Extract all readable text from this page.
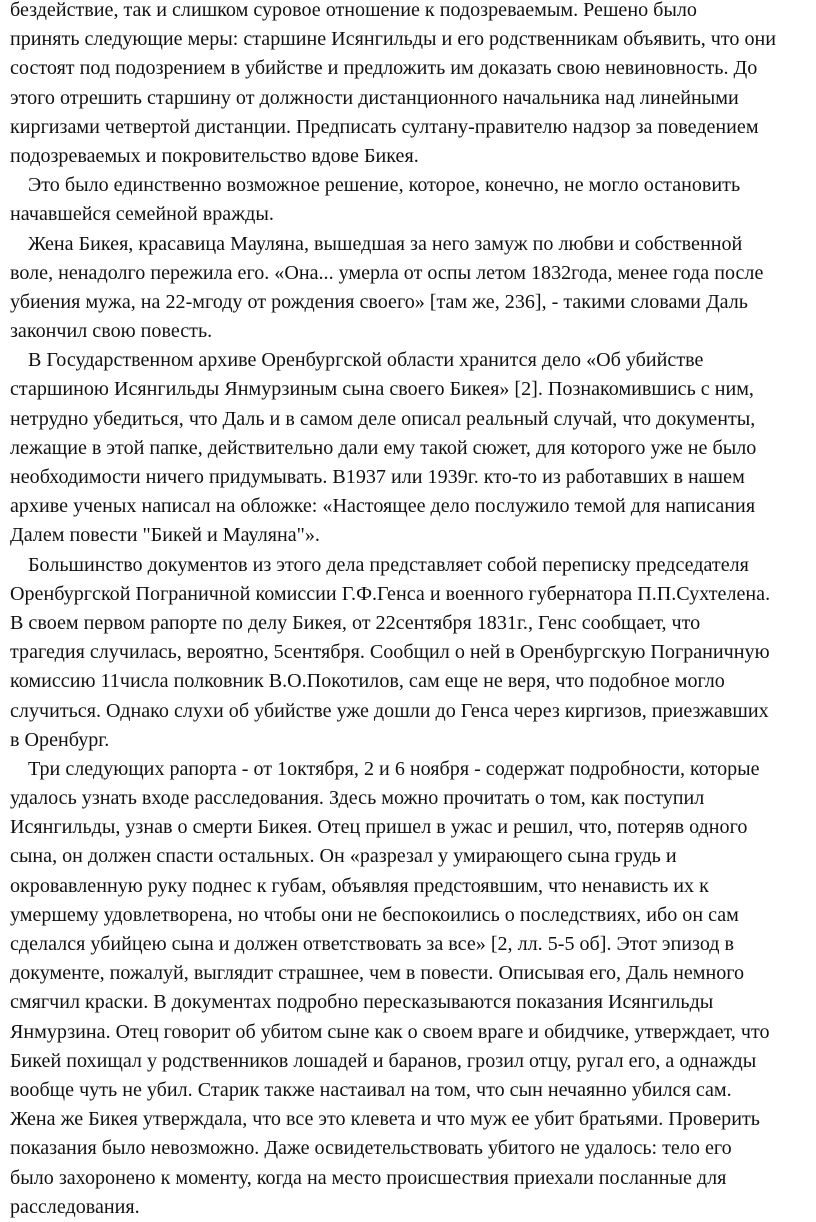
бездействие, так и слишком суровое отношение к подозреваемым. Решено было
принять следующие меры: старшине Исянгильды и его родственникам объявить, что они
состоят под подозрением в убийстве и предложить им доказать свою невиновность. До
этого отрешить старшину от должности дистанционного начальника над линейными
киргизами четвертой дистанции. Предписать султану-правителю надзор за поведением
подозреваемых и покровительство вдове Бикея.
Это было единственно возможное решение, которое, конечно, не могло остановить
начавшейся семейной вражды.
Жена Бикея, красавица Мауляна, вышедшая за него замуж по любви и собственной
воле, ненадолго пережила его. «Она... умерла от оспы летом 1832года, менее года после
убиения мужа, на 22-мгоду от рождения своего» [там же, 236], - такими словами Даль
закончил свою повесть.
В Государственном архиве Оренбургской области хранится дело «Об убийстве
старшиною Исянгильды Янмурзиным сына своего Бикея» [2]. Познакомившись с ним,
нетрудно убедиться, что Даль и в самом деле описал реальный случай, что документы,
лежащие в этой папке, действительно дали ему такой сюжет, для которого уже не было
необходимости ничего придумывать. В1937 или 1939г. кто-то из работавших в нашем
архиве ученых написал на обложке: «Настоящее дело послужило темой для написания
Далем повести "Бикей и Мауляна"».
Большинство документов из этого дела представляет собой переписку председателя
Оренбургской Пограничной комиссии Г.Ф.Генса и военного губернатора П.П.Сухтелена.
В своем первом рапорте по делу Бикея, от 22сентября 1831г., Генс сообщает, что
трагедия случилась, вероятно, 5сентября. Сообщил о ней в Оренбургскую Пограничную
комиссию 11числа полковник В.О.Покотилов, сам еще не веря, что подобное могло
случиться. Однако слухи об убийстве уже дошли до Генса через киргизов, приезжавших
в Оренбург.
Три следующих рапорта - от 1октября, 2 и 6 ноября - содержат подробности, которые
удалось узнать входе расследования. Здесь можно прочитать о том, как поступил
Исянгильды, узнав о смерти Бикея. Отец пришел в ужас и решил, что, потеряв одного
сына, он должен спасти остальных. Он «разрезал у умирающего сына грудь и
окровавленную руку поднес к губам, объявляя предстоявшим, что ненависть их к
умершему удовлетворена, но чтобы они не беспокоились о последствиях, ибо он сам
сделался убийцею сына и должен ответствовать за все» [2, лл. 5-5 об]. Этот эпизод в
документе, пожалуй, выглядит страшнее, чем в повести. Описывая его, Даль немного
смягчил краски. В документах подробно пересказываются показания Исянгильды
Янмурзина. Отец говорит об убитом сыне как о своем враге и обидчике, утверждает, что
Бикей похищал у родственников лошадей и баранов, грозил отцу, ругал его, а однажды
вообще чуть не убил. Старик также настаивал на том, что сын нечаянно убился сам.
Жена же Бикея утверждала, что все это клевета и что муж ее убит братьями. Проверить
показания было невозможно. Даже освидетельствовать убитого не удалось: тело его
было захоронено к моменту, когда на место происшествия приехали посланные для
расследования.
